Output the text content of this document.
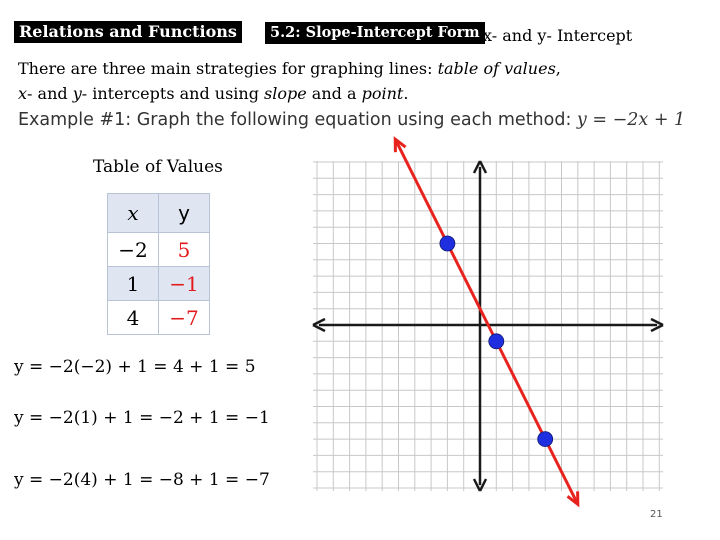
Relations and Functions	5.2: Slope-Intercept Form x- and y- Intercept
There are three main strategies for graphing lines: table of values,
x- and y- intercepts and using slope and a point.
Example #1: Graph the following equation using each method: y = −2x + 1
Table of Values
x	y
−2	5
1	−1
4	−7
y = −2(−2) + 1 = 4 + 1 = 5
y = −2(1) + 1 = −2 + 1 = −1
y = −2(4) + 1 = −8 + 1 = −7
21
